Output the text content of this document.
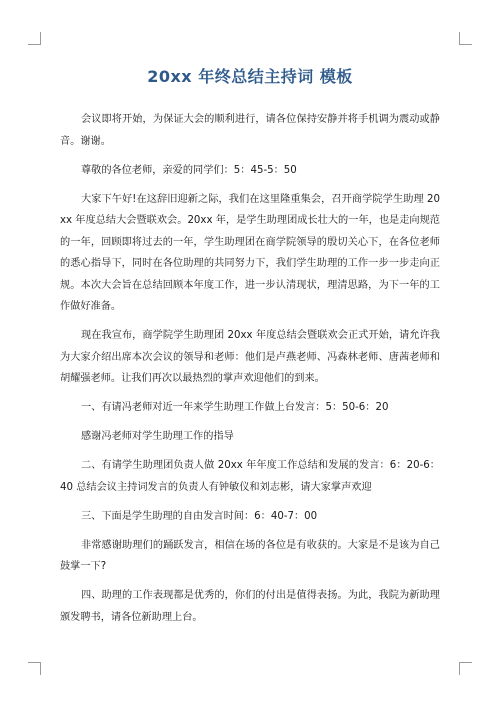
20xx 年终总结主持词 模板

会议即将开始，为保证大会的顺利进行，请各位保持安静并将手机调为震动或静音。谢谢。

尊敬的各位老师，亲爱的同学们：5：45-5：50

大家下午好!在这辞旧迎新之际，我们在这里隆重集会，召开商学院学生助理 20xx 年度总结大会暨联欢会。20xx 年，是学生助理团成长壮大的一年，也是走向规范的一年，回顾即将过去的一年，学生助理团在商学院领导的殷切关心下，在各位老师的悉心指导下，同时在各位助理的共同努力下，我们学生助理的工作一步一步走向正规。本次大会旨在总结回顾本年度工作，进一步认清现状，理清思路，为下一年的工作做好准备。

现在我宣布，商学院学生助理团 20xx 年度总结会暨联欢会正式开始，请允许我为大家介绍出席本次会议的领导和老师：他们是卢燕老师、冯森林老师、唐茜老师和胡耀强老师。让我们再次以最热烈的掌声欢迎他们的到来。

一、有请冯老师对近一年来学生助理工作做上台发言：5：50-6：20

感谢冯老师对学生助理工作的指导

二、有请学生助理团负责人做 20xx 年年度工作总结和发展的发言：6：20-6：40 总结会议主持词发言的负责人有钟敏仪和刘志彬，请大家掌声欢迎

三、下面是学生助理的自由发言时间：6：40-7：00

非常感谢助理们的踊跃发言，相信在场的各位是有收获的。大家是不是该为自己鼓掌一下?

四、助理的工作表现都是优秀的，你们的付出是值得表扬。为此，我院为新助理颁发聘书，请各位新助理上台。
